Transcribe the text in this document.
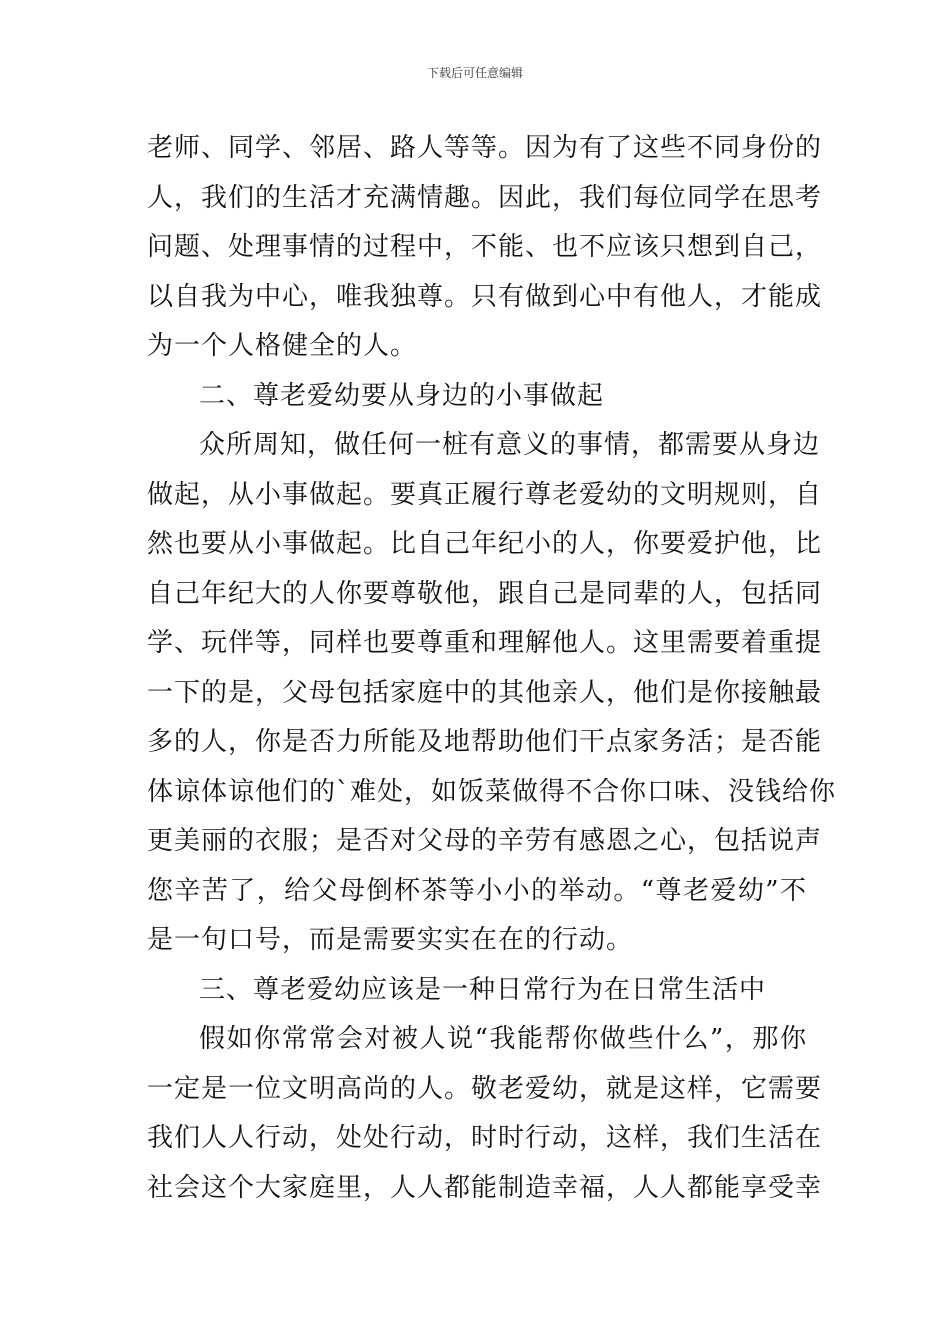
下载后可任意编辑
老师、同学、邻居、路人等等。因为有了这些不同身份的
人，我们的生活才充满情趣。因此，我们每位同学在思考
问题、处理事情的过程中，不能、也不应该只想到自己，
以自我为中心，唯我独尊。只有做到心中有他人，才能成
为一个人格健全的人。
二、尊老爱幼要从身边的小事做起
众所周知，做任何一桩有意义的事情，都需要从身边
做起，从小事做起。要真正履行尊老爱幼的文明规则，自
然也要从小事做起。比自己年纪小的人，你要爱护他，比
自己年纪大的人你要尊敬他，跟自己是同辈的人，包括同
学、玩伴等，同样也要尊重和理解他人。这里需要着重提
一下的是，父母包括家庭中的其他亲人，他们是你接触最
多的人，你是否力所能及地帮助他们干点家务活；是否能
体谅体谅他们的`难处，如饭菜做得不合你口味、没钱给你
更美丽的衣服；是否对父母的辛劳有感恩之心，包括说声
您辛苦了，给父母倒杯茶等小小的举动。“尊老爱幼”不
是一句口号，而是需要实实在在的行动。
三、尊老爱幼应该是一种日常行为在日常生活中
假如你常常会对被人说“我能帮你做些什么”，那你
一定是一位文明高尚的人。敬老爱幼，就是这样，它需要
我们人人行动，处处行动，时时行动，这样，我们生活在
社会这个大家庭里，人人都能制造幸福，人人都能享受幸
